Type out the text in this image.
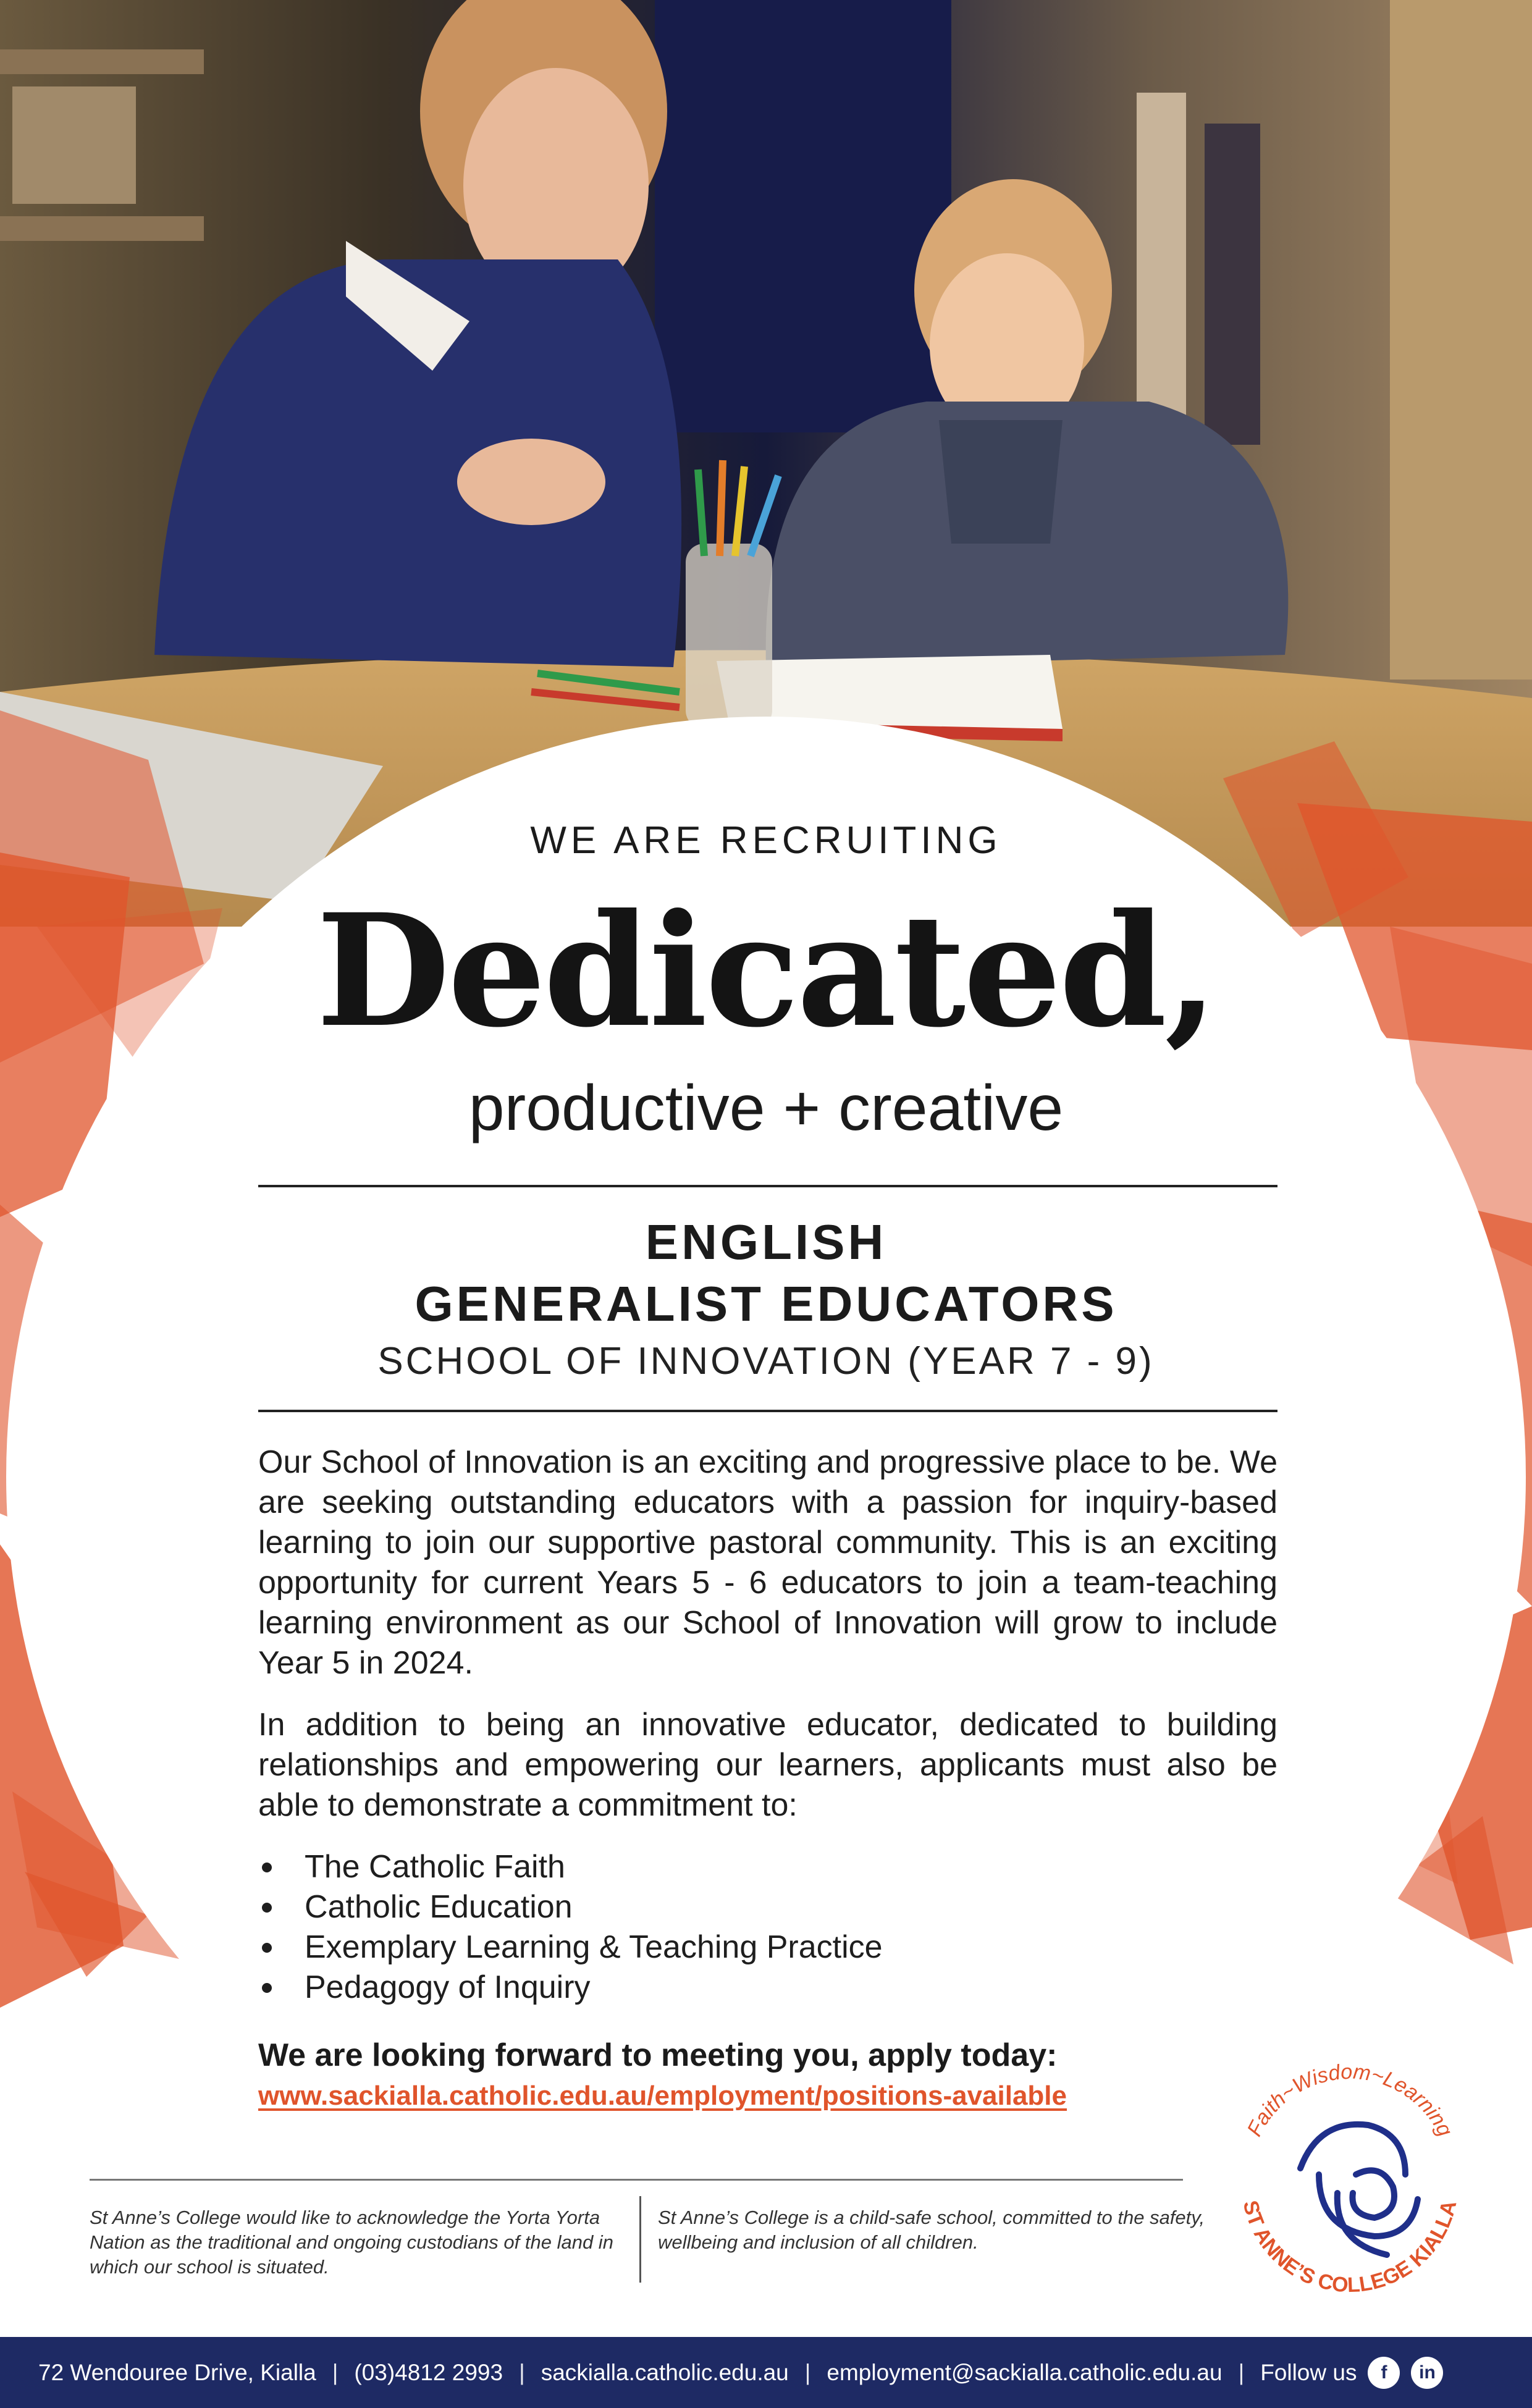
WE ARE RECRUITING
Dedicated,
productive + creative
ENGLISH
GENERALIST EDUCATORS
SCHOOL OF INNOVATION (YEAR 7 - 9)
Our School of Innovation is an exciting and progressive place to be. We are seeking outstanding educators with a passion for inquiry-based learning to join our supportive pastoral community. This is an exciting opportunity for current Years 5 - 6 educators to join a team-teaching learning environment as our School of Innovation will grow to include Year 5 in 2024.
In addition to being an innovative educator, dedicated to building relationships and empowering our learners, applicants must also be able to demonstrate a commitment to:
The Catholic Faith
Catholic Education
Exemplary Learning & Teaching Practice
Pedagogy of Inquiry
We are looking forward to meeting you, apply today:
www.sackialla.catholic.edu.au/employment/positions-available
St Anne’s College would like to acknowledge the Yorta Yorta Nation as the traditional and ongoing custodians of the land in which our school is situated.
St Anne’s College is a child-safe school, committed to the safety, wellbeing and inclusion of all children.
Faith~Wisdom~Learning
ST ANNE’S COLLEGE KIALLA
72 Wendouree Drive, Kialla | (03)4812 2993 | sackialla.catholic.edu.au | employment@sackialla.catholic.edu.au | Follow us	f	in
